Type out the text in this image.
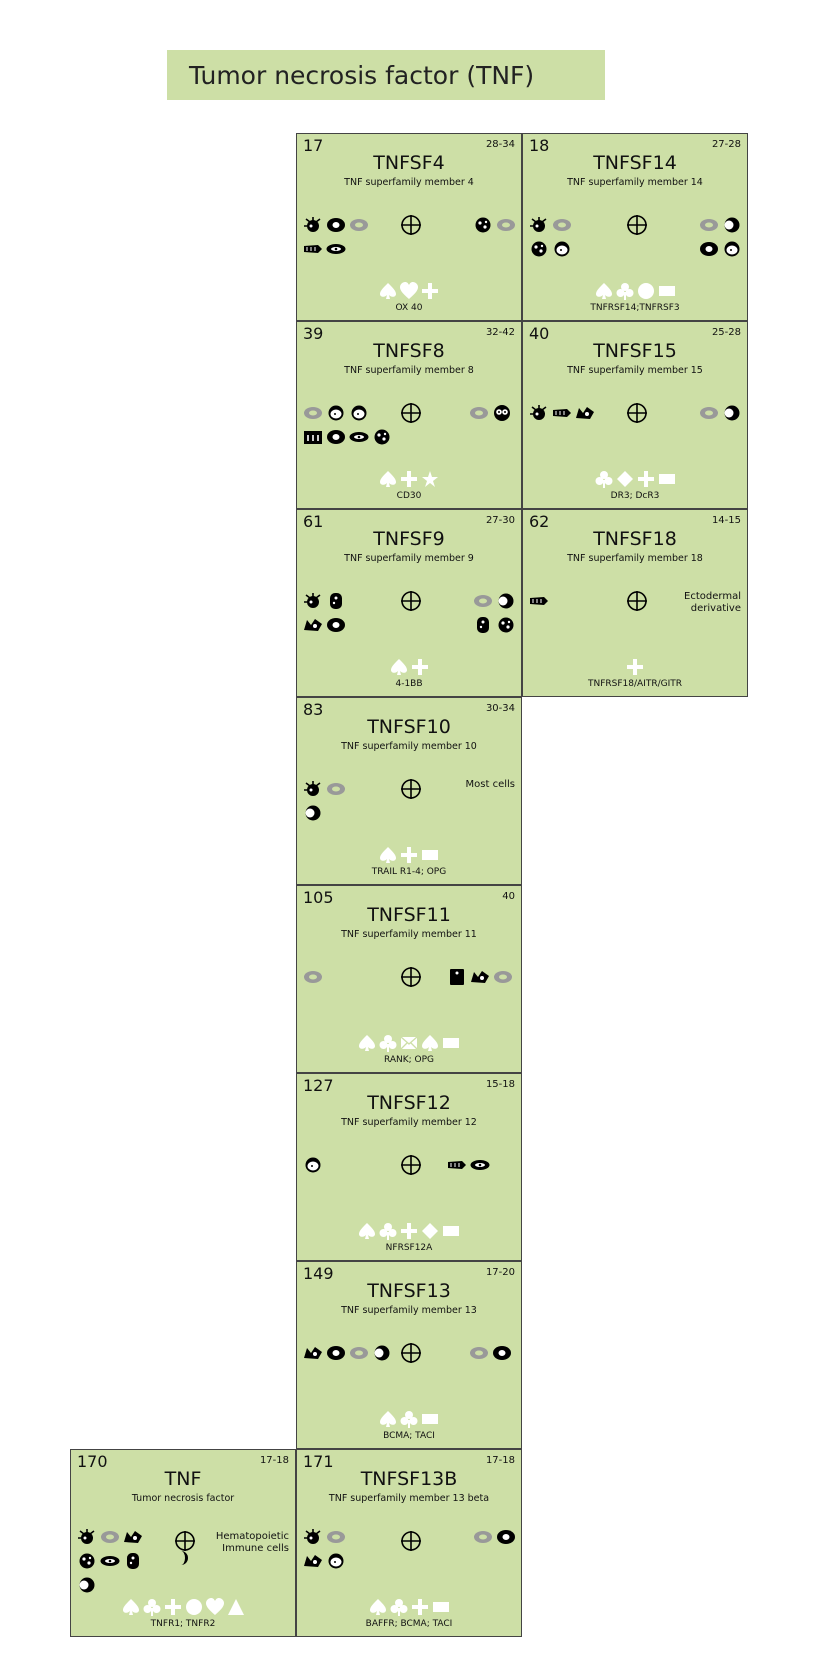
Tumor necrosis factor (TNF)
17	28-34
TNFSF4
TNF superfamily member 4
OX 40
18	27-28
TNFSF14
TNF superfamily member 14
TNFRSF14;TNFRSF3
39	32-42
TNFSF8
TNF superfamily member 8
CD30
40	25-28
TNFSF15
TNF superfamily member 15
DR3; DcR3
61	27-30
TNFSF9
TNF superfamily member 9
4-1BB
62	14-15
TNFSF18
TNF superfamily member 18
Ectodermal
derivative
TNFRSF18/AITR/GITR
83	30-34
TNFSF10
TNF superfamily member 10
Most cells
TRAIL R1-4; OPG
105	40
TNFSF11
TNF superfamily member 11
RANK; OPG
127	15-18
TNFSF12
TNF superfamily member 12
NFRSF12A
149	17-20
TNFSF13
TNF superfamily member 13
BCMA; TACI
170	17-18
TNF
Tumor necrosis factor
Hematopoietic
Immune cells
TNFR1; TNFR2
171	17-18
TNFSF13B
TNF superfamily member 13 beta
BAFFR; BCMA; TACI
